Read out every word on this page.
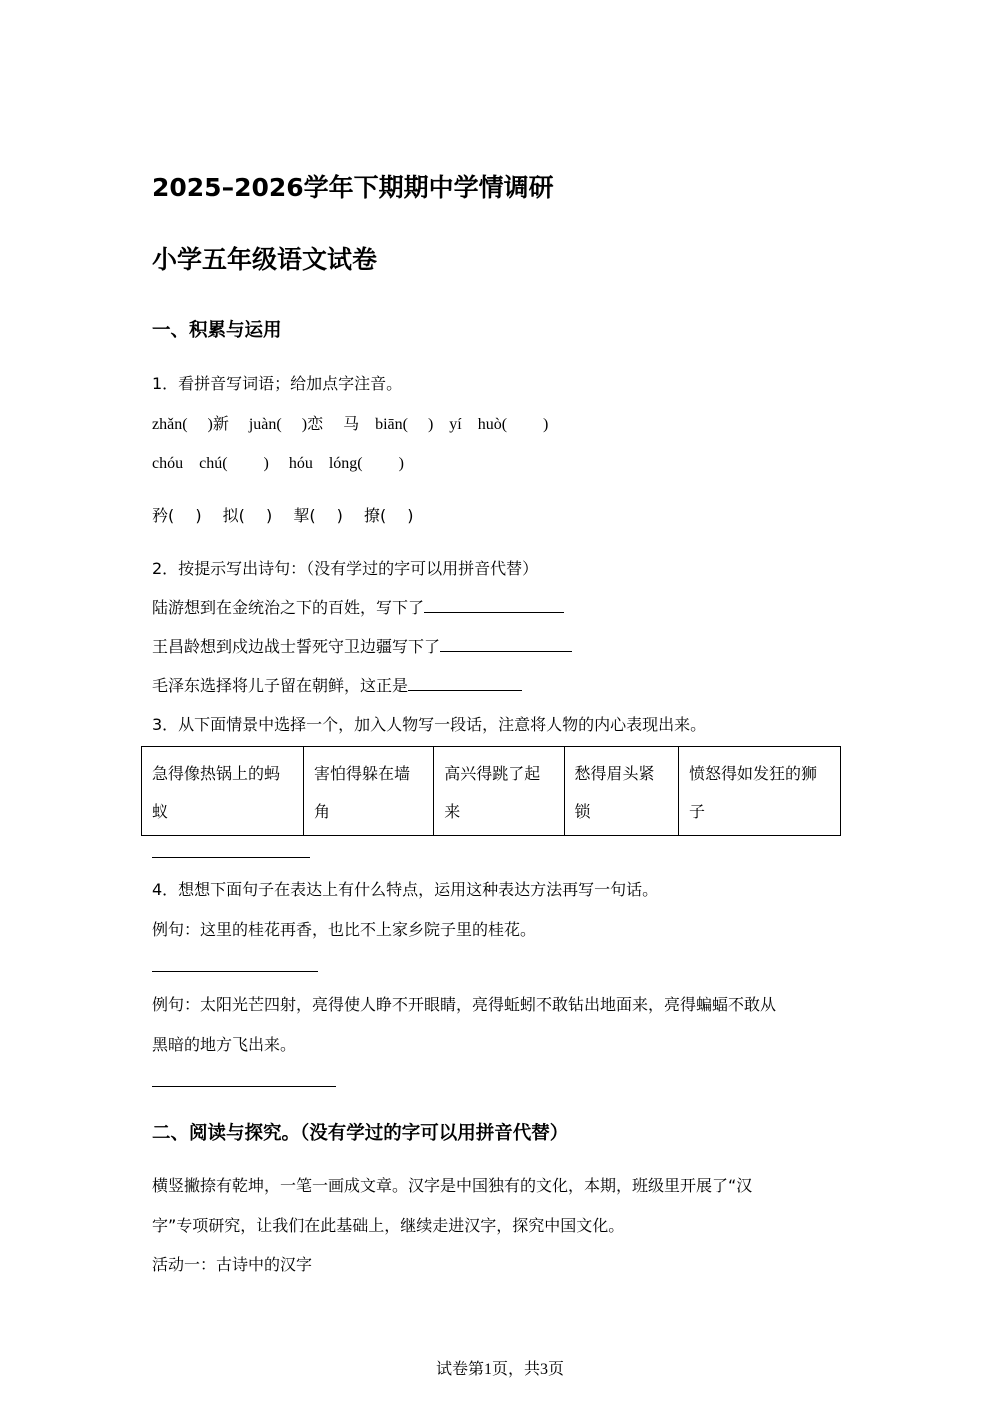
2025–2026学年下期期中学情调研
小学五年级语文试卷
一、积累与运用
1．看拼音写词语；给加点字注音。
zhǎn(　 )新　 juàn(　 )恋　 马　biān(　 )　yí　huò(　　 )
chóu　chú(　　 )　 hóu　lóng(　　 )
矜(　 )　 拟(　 )　 挈(　 )　 撩(　 )
2．按提示写出诗句：（没有学过的字可以用拼音代替）
陆游想到在金统治之下的百姓，写下了
王昌龄想到戍边战士誓死守卫边疆写下了
毛泽东选择将儿子留在朝鲜，这正是
3．从下面情景中选择一个，加入人物写一段话，注意将人物的内心表现出来。
急得像热锅上的蚂蚁	害怕得躲在墙角	高兴得跳了起来	愁得眉头紧锁	愤怒得如发狂的狮子
4．想想下面句子在表达上有什么特点，运用这种表达方法再写一句话。
例句：这里的桂花再香，也比不上家乡院子里的桂花。
例句：太阳光芒四射，亮得使人睁不开眼睛，亮得蚯蚓不敢钻出地面来，亮得蝙蝠不敢从
黑暗的地方飞出来。
二、阅读与探究。（没有学过的字可以用拼音代替）
横竖撇捺有乾坤，一笔一画成文章。汉字是中国独有的文化，本期，班级里开展了“汉
字”专项研究，让我们在此基础上，继续走进汉字，探究中国文化。
活动一：古诗中的汉字
试卷第1页，共3页
